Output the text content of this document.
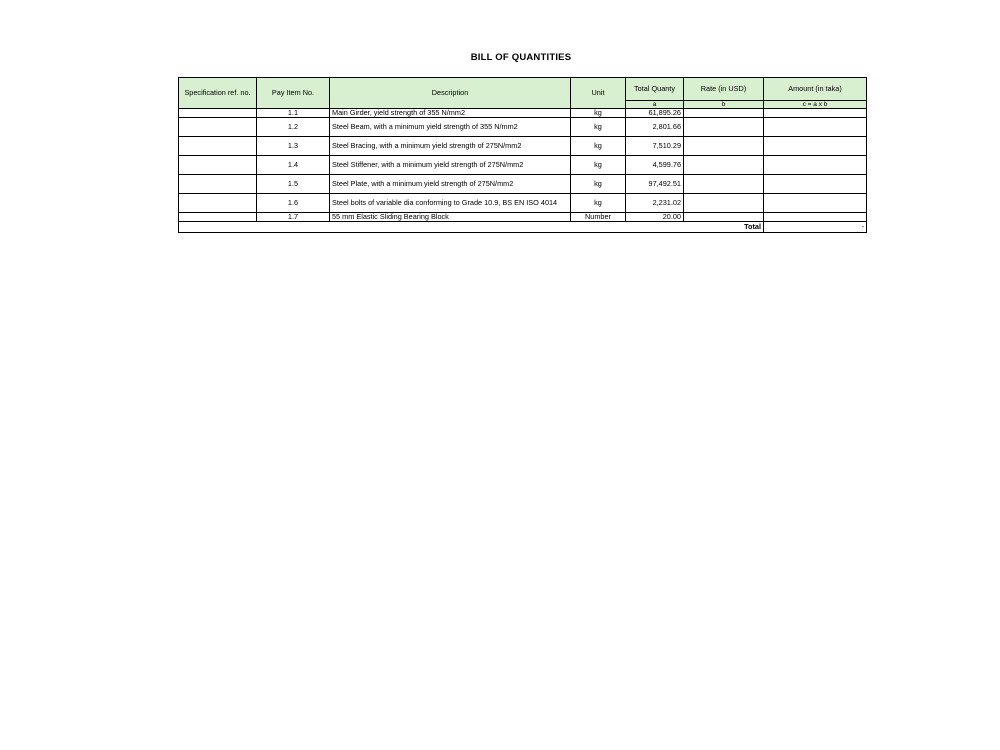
BILL OF QUANTITIES
Specification ref. no.	Pay Item No.	Description	Unit	Total Quanty	Rate (in USD)	Amount (in taka)
				a	b	c = a x b
	1.1	Main Girder, yield strength of 355 N/mm2	kg	61,895.26		
	1.2	Steel Beam, with a minimum yield strength of 355 N/mm2	kg	2,801.66		
	1.3	Steel Bracing, with a minimum yield strength of 275N/mm2	kg	7,510.29		
	1.4	Steel Stiffener, with a minimum yield strength of 275N/mm2	kg	4,599.76		
	1.5	Steel Plate, with a minimum yield strength of 275N/mm2	kg	97,492.51		
	1.6	Steel bolts of variable dia conforming to Grade 10.9, BS EN ISO 4014	kg	2,231.02		
	1.7	55 mm Elastic Sliding Bearing Block	Number	20.00		
Total						-
